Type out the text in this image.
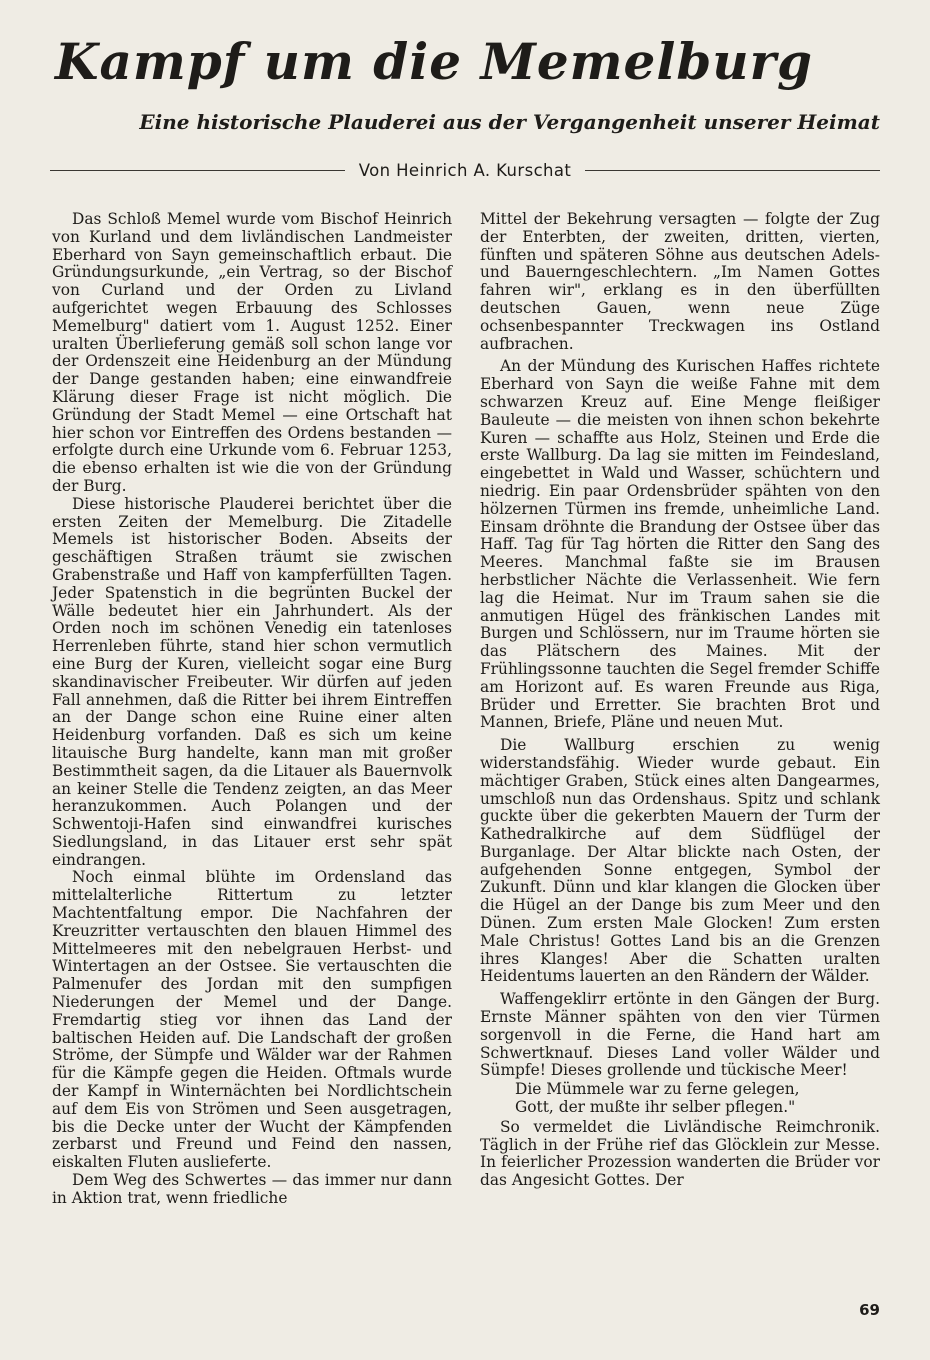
Kampf um die Memelburg
Eine historische Plauderei aus der Vergangenheit unserer Heimat
Von Heinrich A. Kurschat

Das Schloß Memel wurde vom Bischof Heinrich von Kurland und dem livländischen Landmeister Eberhard von Sayn gemeinschaftlich erbaut. Die Gründungsurkunde, „ein Vertrag, so der Bischof von Curland und der Orden zu Livland aufgerichtet wegen Erbauung des Schlosses Memelburg" datiert vom 1. August 1252. Einer uralten Überlieferung gemäß soll schon lange vor der Ordenszeit eine Heidenburg an der Mündung der Dange gestanden haben; eine einwandfreie Klärung dieser Frage ist nicht möglich. Die Gründung der Stadt Memel — eine Ortschaft hat hier schon vor Eintreffen des Ordens bestanden — erfolgte durch eine Urkunde vom 6. Februar 1253, die ebenso erhalten ist wie die von der Gründung der Burg.

Diese historische Plauderei berichtet über die ersten Zeiten der Memelburg. Die Zitadelle Memels ist historischer Boden. Abseits der geschäftigen Straßen träumt sie zwischen Grabenstraße und Haff von kampferfüllten Tagen. Jeder Spatenstich in die begrünten Buckel der Wälle bedeutet hier ein Jahrhundert. Als der Orden noch im schönen Venedig ein tatenloses Herrenleben führte, stand hier schon vermutlich eine Burg der Kuren, vielleicht sogar eine Burg skandinavischer Freibeuter. Wir dürfen auf jeden Fall annehmen, daß die Ritter bei ihrem Eintreffen an der Dange schon eine Ruine einer alten Heidenburg vorfanden. Daß es sich um keine litauische Burg handelte, kann man mit großer Bestimmtheit sagen, da die Litauer als Bauernvolk an keiner Stelle die Tendenz zeigten, an das Meer heranzukommen. Auch Polangen und der Schwentoji-Hafen sind einwandfrei kurisches Siedlungsland, in das Litauer erst sehr spät eindrangen.

Noch einmal blühte im Ordensland das mittelalterliche Rittertum zu letzter Machtentfaltung empor. Die Nachfahren der Kreuzritter vertauschten den blauen Himmel des Mittelmeeres mit den nebelgrauen Herbst- und Wintertagen an der Ostsee. Sie vertauschten die Palmenufer des Jordan mit den sumpfigen Niederungen der Memel und der Dange. Fremdartig stieg vor ihnen das Land der baltischen Heiden auf. Die Landschaft der großen Ströme, der Sümpfe und Wälder war der Rahmen für die Kämpfe gegen die Heiden. Oftmals wurde der Kampf in Winternächten bei Nordlichtschein auf dem Eis von Strömen und Seen ausgetragen, bis die Decke unter der Wucht der Kämpfenden zerbarst und Freund und Feind den nassen, eiskalten Fluten auslieferte.

Dem Weg des Schwertes — das immer nur dann in Aktion trat, wenn friedliche

Mittel der Bekehrung versagten — folgte der Zug der Enterbten, der zweiten, dritten, vierten, fünften und späteren Söhne aus deutschen Adels- und Bauerngeschlechtern. „Im Namen Gottes fahren wir", erklang es in den überfüllten deutschen Gauen, wenn neue Züge ochsenbespannter Treckwagen ins Ostland aufbrachen.

An der Mündung des Kurischen Haffes richtete Eberhard von Sayn die weiße Fahne mit dem schwarzen Kreuz auf. Eine Menge fleißiger Bauleute — die meisten von ihnen schon bekehrte Kuren — schaffte aus Holz, Steinen und Erde die erste Wallburg. Da lag sie mitten im Feindesland, eingebettet in Wald und Wasser, schüchtern und niedrig. Ein paar Ordensbrüder spähten von den hölzernen Türmen ins fremde, unheimliche Land. Einsam dröhnte die Brandung der Ostsee über das Haff. Tag für Tag hörten die Ritter den Sang des Meeres. Manchmal faßte sie im Brausen herbstlicher Nächte die Verlassenheit. Wie fern lag die Heimat. Nur im Traum sahen sie die anmutigen Hügel des fränkischen Landes mit Burgen und Schlössern, nur im Traume hörten sie das Plätschern des Maines. Mit der Frühlingssonne tauchten die Segel fremder Schiffe am Horizont auf. Es waren Freunde aus Riga, Brüder und Erretter. Sie brachten Brot und Mannen, Briefe, Pläne und neuen Mut.

Die Wallburg erschien zu wenig widerstandsfähig. Wieder wurde gebaut. Ein mächtiger Graben, Stück eines alten Dangearmes, umschloß nun das Ordenshaus. Spitz und schlank guckte über die gekerbten Mauern der Turm der Kathedralkirche auf dem Südflügel der Burganlage. Der Altar blickte nach Osten, der aufgehenden Sonne entgegen, Symbol der Zukunft. Dünn und klar klangen die Glocken über die Hügel an der Dange bis zum Meer und den Dünen. Zum ersten Male Glocken! Zum ersten Male Christus! Gottes Land bis an die Grenzen ihres Klanges! Aber die Schatten uralten Heidentums lauerten an den Rändern der Wälder.

Waffengeklirr ertönte in den Gängen der Burg. Ernste Männer spähten von den vier Türmen sorgenvoll in die Ferne, die Hand hart am Schwertknauf. Dieses Land voller Wälder und Sümpfe! Dieses grollende und tückische Meer!

Die Mümmele war zu ferne gelegen,
Gott, der mußte ihr selber pflegen."

So vermeldet die Livländische Reimchronik. Täglich in der Frühe rief das Glöcklein zur Messe. In feierlicher Prozession wanderten die Brüder vor das Angesicht Gottes. Der

69
